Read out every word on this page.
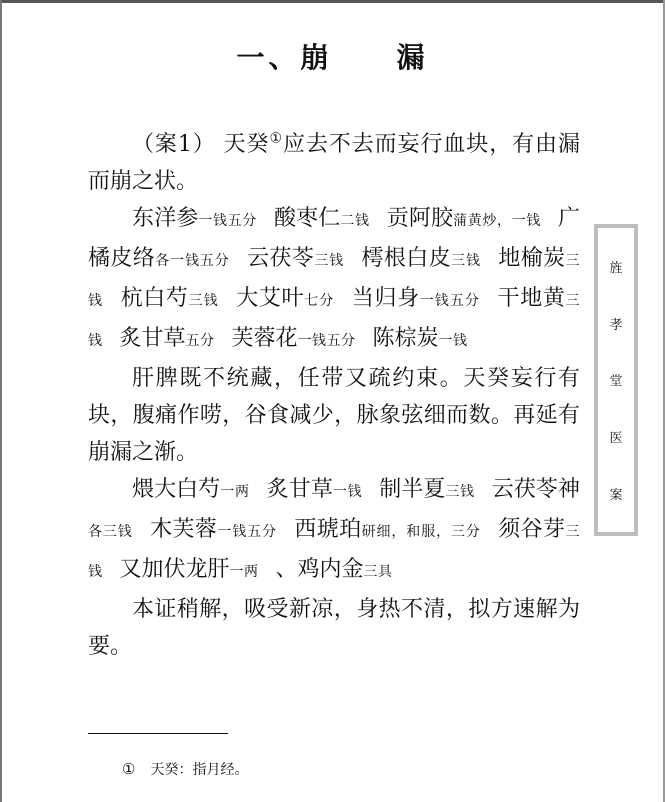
一、崩　　漏

（案1） 天癸①应去不去而妄行血块，有由漏而崩之状。

东洋参一钱五分 酸枣仁二钱 贡阿胶蒲黄炒，一钱 广橘皮络各一钱五分 云茯苓三钱 樗根白皮三钱 地榆炭三钱 杭白芍三钱 大艾叶七分 当归身一钱五分 干地黄三钱 炙甘草五分 芙蓉花一钱五分 陈棕炭一钱

肝脾既不统藏，任带又疏约束。天癸妄行有块，腹痛作唠，谷食减少，脉象弦细而数。再延有崩漏之渐。

煨大白芍一两 炙甘草一钱 制半夏三钱 云茯苓神各三钱 木芙蓉一钱五分 西琥珀研细，和服，三分 须谷芽三钱 又加伏龙肝一两 、鸡内金三具

本证稍解，吸受新凉，身热不清，拟方速解为要。

旌
孝
堂
医
案
①　 天癸：指月经。
